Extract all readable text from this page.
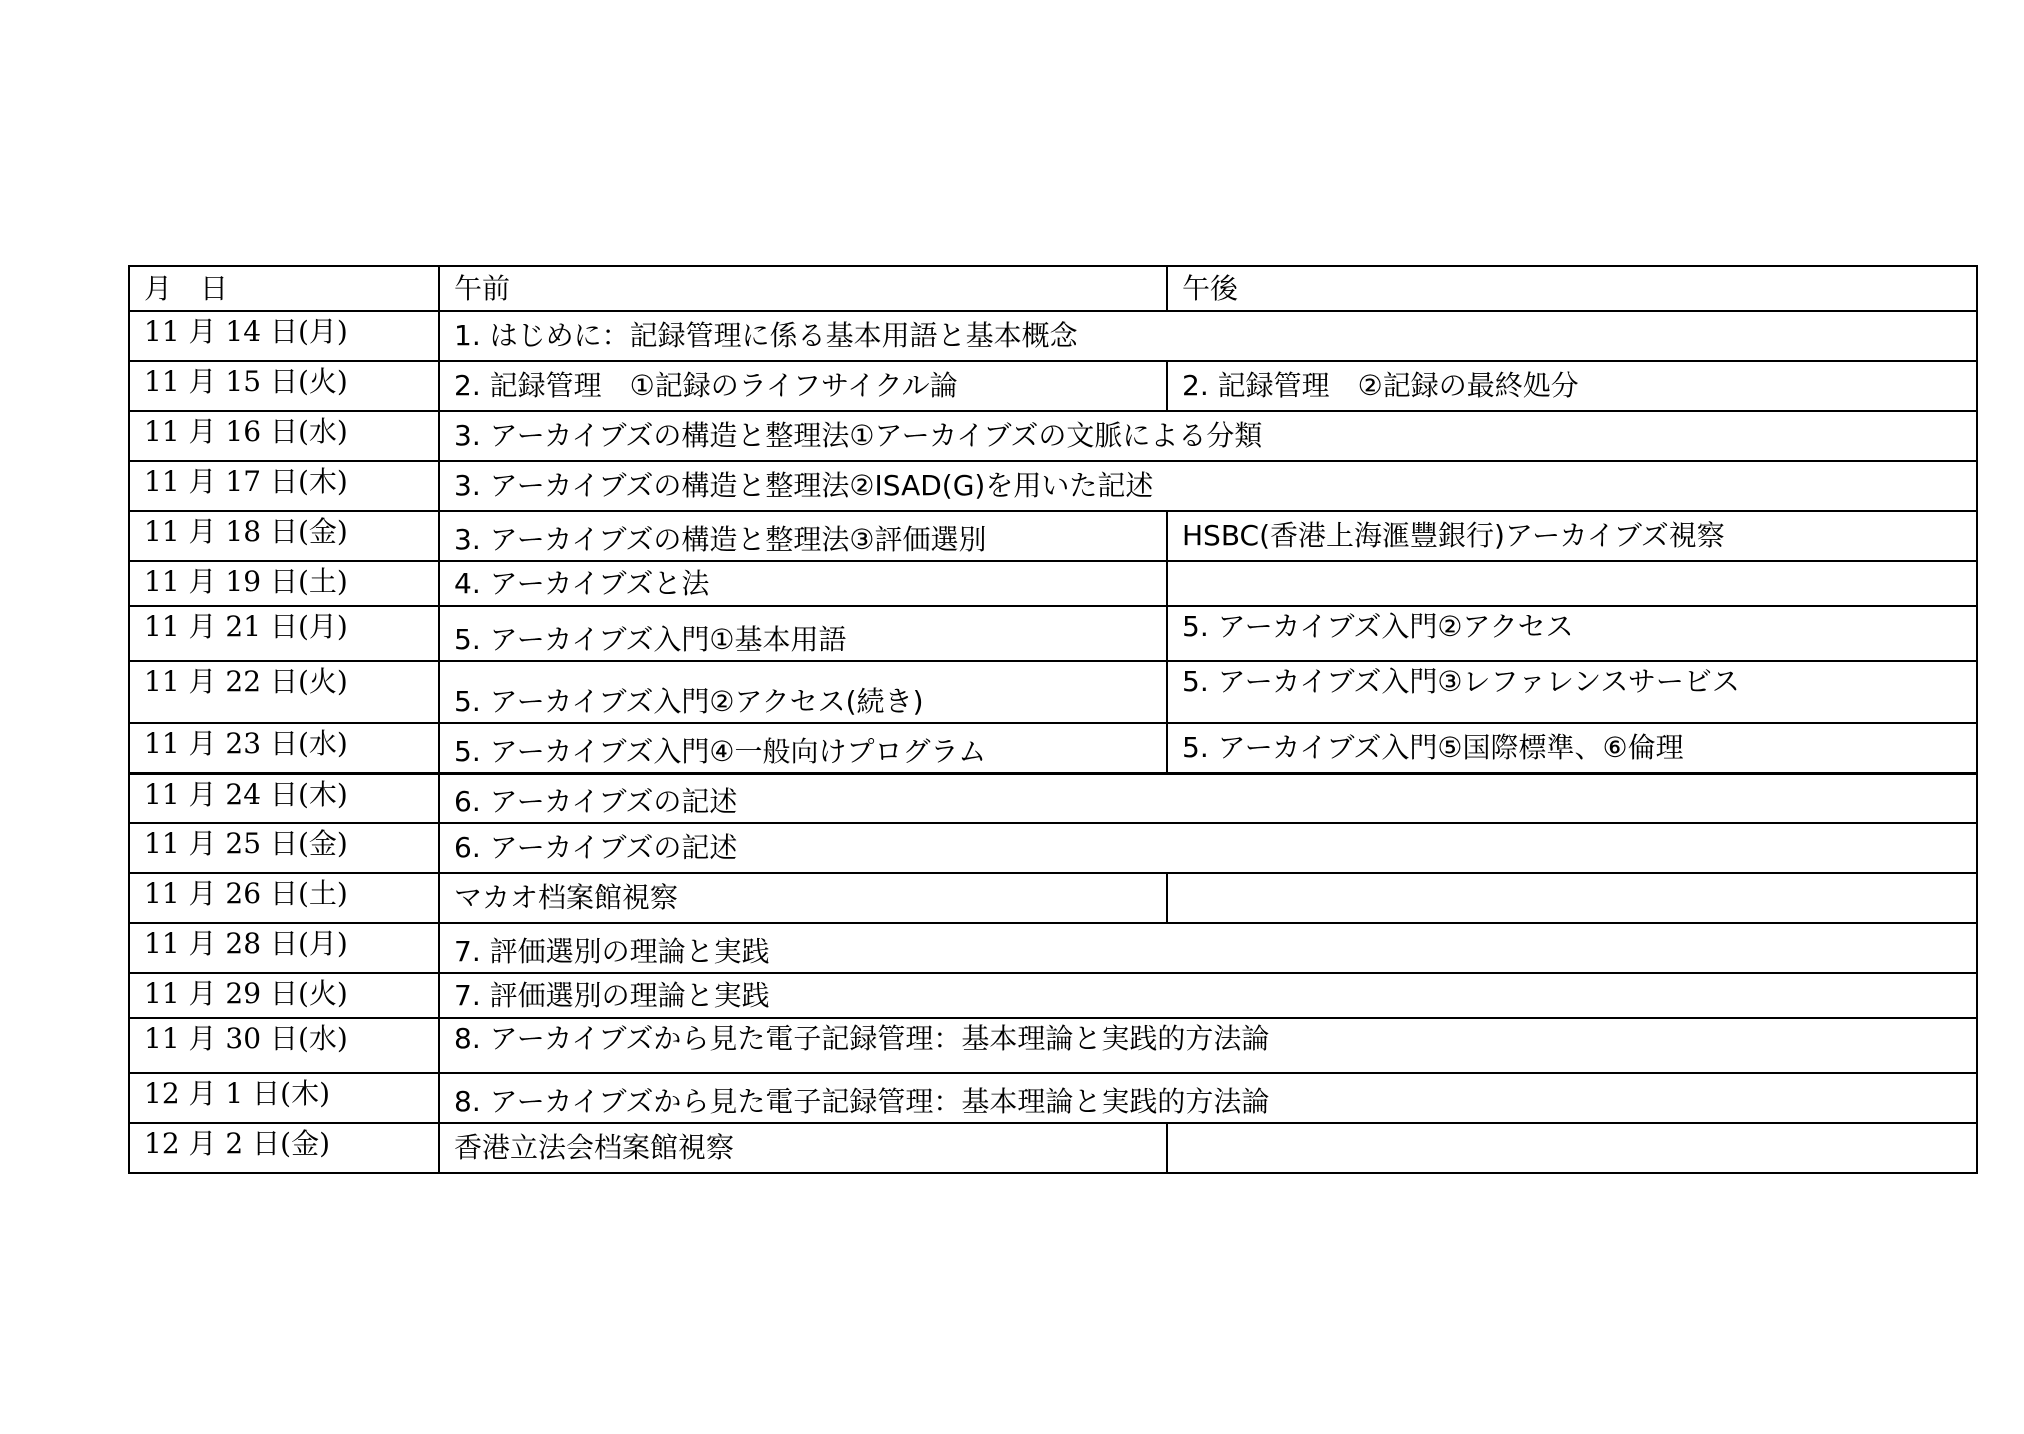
月　日	午前	午後
11 月 14 日(月)	1. はじめに：記録管理に係る基本用語と基本概念	
11 月 15 日(火)	2. 記録管理　①記録のライフサイクル論	2. 記録管理　②記録の最終処分
11 月 16 日(水)	3. アーカイブズの構造と整理法①アーカイブズの文脈による分類	
11 月 17 日(木)	3. アーカイブズの構造と整理法②ISAD(G)を用いた記述	
11 月 18 日(金)	3. アーカイブズの構造と整理法③評価選別	HSBC(香港上海滙豐銀行)アーカイブズ視察
11 月 19 日(土)	4. アーカイブズと法	
11 月 21 日(月)	5. アーカイブズ入門①基本用語	5. アーカイブズ入門②アクセス
11 月 22 日(火)	5. アーカイブズ入門②アクセス(続き)	5. アーカイブズ入門③レファレンスサービス
11 月 23 日(水)	5. アーカイブズ入門④一般向けプログラム	5. アーカイブズ入門⑤国際標準、⑥倫理
11 月 24 日(木)	6. アーカイブズの記述	
11 月 25 日(金)	6. アーカイブズの記述	
11 月 26 日(土)	マカオ档案館視察	
11 月 28 日(月)	7. 評価選別の理論と実践	
11 月 29 日(火)	7. 評価選別の理論と実践	
11 月 30 日(水)	8. アーカイブズから見た電子記録管理：基本理論と実践的方法論	
12 月 1 日(木)	8. アーカイブズから見た電子記録管理：基本理論と実践的方法論	
12 月 2 日(金)	香港立法会档案館視察	
